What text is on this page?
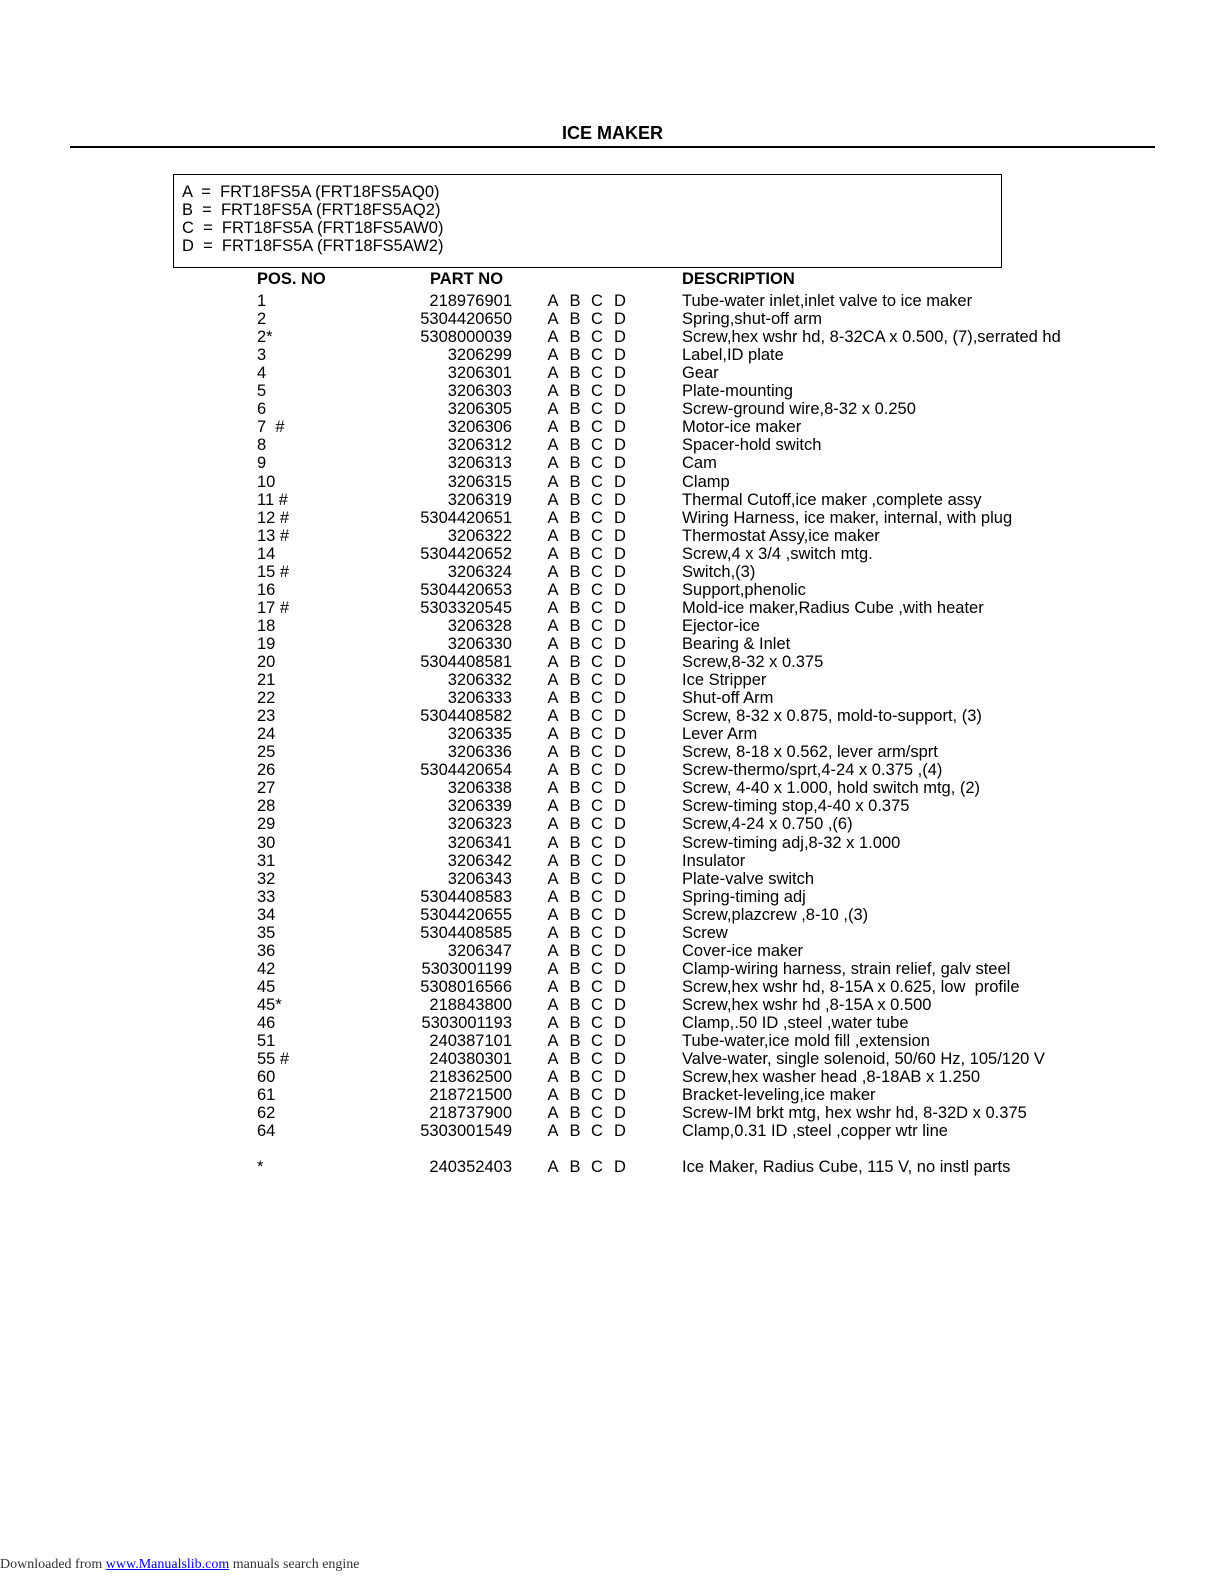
ICE MAKER
A  =  FRT18FS5A (FRT18FS5AQ0)
B  =  FRT18FS5A (FRT18FS5AQ2)
C  =  FRT18FS5A (FRT18FS5AW0)
D  =  FRT18FS5A (FRT18FS5AW2)
POS. NO	PART NO	DESCRIPTION
1	218976901 A B C D	Tube-water inlet,inlet valve to ice maker
2	5304420650 A B C D	Spring,shut-off arm
2*	5308000039 A B C D	Screw,hex wshr hd, 8-32CA x 0.500, (7),serrated hd
3	3206299 A B C D	Label,ID plate
4	3206301 A B C D	Gear
5	3206303 A B C D	Plate-mounting
6	3206305 A B C D	Screw-ground wire,8-32 x 0.250
7  #	3206306 A B C D	Motor-ice maker
8	3206312 A B C D	Spacer-hold switch
9	3206313 A B C D	Cam
10	3206315 A B C D	Clamp
11 #	3206319 A B C D	Thermal Cutoff,ice maker ,complete assy
12 #	5304420651 A B C D	Wiring Harness, ice maker, internal, with plug
13 #	3206322 A B C D	Thermostat Assy,ice maker
14	5304420652 A B C D	Screw,4 x 3/4 ,switch mtg.
15 #	3206324 A B C D	Switch,(3)
16	5304420653 A B C D	Support,phenolic
17 #	5303320545 A B C D	Mold-ice maker,Radius Cube ,with heater
18	3206328 A B C D	Ejector-ice
19	3206330 A B C D	Bearing & Inlet
20	5304408581 A B C D	Screw,8-32 x 0.375
21	3206332 A B C D	Ice Stripper
22	3206333 A B C D	Shut-off Arm
23	5304408582 A B C D	Screw, 8-32 x 0.875, mold-to-support, (3)
24	3206335 A B C D	Lever Arm
25	3206336 A B C D	Screw, 8-18 x 0.562, lever arm/sprt
26	5304420654 A B C D	Screw-thermo/sprt,4-24 x 0.375 ,(4)
27	3206338 A B C D	Screw, 4-40 x 1.000, hold switch mtg, (2)
28	3206339 A B C D	Screw-timing stop,4-40 x 0.375
29	3206323 A B C D	Screw,4-24 x 0.750 ,(6)
30	3206341 A B C D	Screw-timing adj,8-32 x 1.000
31	3206342 A B C D	Insulator
32	3206343 A B C D	Plate-valve switch
33	5304408583 A B C D	Spring-timing adj
34	5304420655 A B C D	Screw,plazcrew ,8-10 ,(3)
35	5304408585 A B C D	Screw
36	3206347 A B C D	Cover-ice maker
42	5303001199 A B C D	Clamp-wiring harness, strain relief, galv steel
45	5308016566 A B C D	Screw,hex wshr hd, 8-15A x 0.625, low  profile
45*	218843800 A B C D	Screw,hex wshr hd ,8-15A x 0.500
46	5303001193 A B C D	Clamp,.50 ID ,steel ,water tube
51	240387101 A B C D	Tube-water,ice mold fill ,extension
55 #	240380301 A B C D	Valve-water, single solenoid, 50/60 Hz, 105/120 V
60	218362500 A B C D	Screw,hex washer head ,8-18AB x 1.250
61	218721500 A B C D	Bracket-leveling,ice maker
62	218737900 A B C D	Screw-IM brkt mtg, hex wshr hd, 8-32D x 0.375
64	5303001549 A B C D	Clamp,0.31 ID ,steel ,copper wtr line
*	240352403 A B C D	Ice Maker, Radius Cube, 115 V, no instl parts
Downloaded from www.Manualslib.com manuals search engine
